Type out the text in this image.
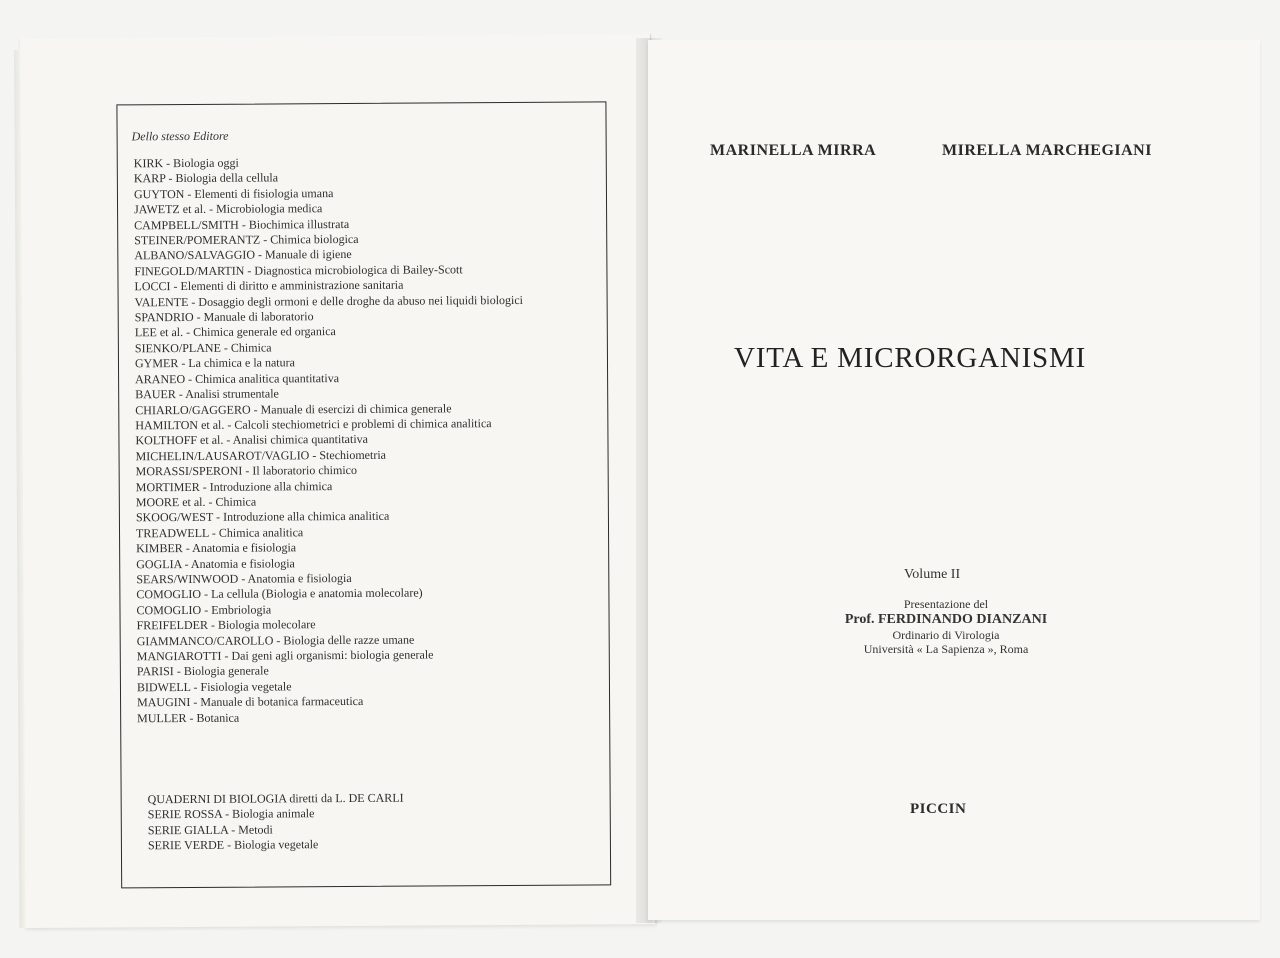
Dello stesso Editore
KIRK - Biologia oggi
KARP - Biologia della cellula
GUYTON - Elementi di fisiologia umana
JAWETZ et al. - Microbiologia medica
CAMPBELL/SMITH - Biochimica illustrata
STEINER/POMERANTZ - Chimica biologica
ALBANO/SALVAGGIO - Manuale di igiene
FINEGOLD/MARTIN - Diagnostica microbiologica di Bailey-Scott
LOCCI - Elementi di diritto e amministrazione sanitaria
VALENTE - Dosaggio degli ormoni e delle droghe da abuso nei liquidi biologici
SPANDRIO - Manuale di laboratorio
LEE et al. - Chimica generale ed organica
SIENKO/PLANE - Chimica
GYMER - La chimica e la natura
ARANEO - Chimica analitica quantitativa
BAUER - Analisi strumentale
CHIARLO/GAGGERO - Manuale di esercizi di chimica generale
HAMILTON et al. - Calcoli stechiometrici e problemi di chimica analitica
KOLTHOFF et al. - Analisi chimica quantitativa
MICHELIN/LAUSAROT/VAGLIO - Stechiometria
MORASSI/SPERONI - Il laboratorio chimico
MORTIMER - Introduzione alla chimica
MOORE et al. - Chimica
SKOOG/WEST - Introduzione alla chimica analitica
TREADWELL - Chimica analitica
KIMBER - Anatomia e fisiologia
GOGLIA - Anatomia e fisiologia
SEARS/WINWOOD - Anatomia e fisiologia
COMOGLIO - La cellula (Biologia e anatomia molecolare)
COMOGLIO - Embriologia
FREIFELDER - Biologia molecolare
GIAMMANCO/CAROLLO - Biologia delle razze umane
MANGIAROTTI - Dai geni agli organismi: biologia generale
PARISI - Biologia generale
BIDWELL - Fisiologia vegetale
MAUGINI - Manuale di botanica farmaceutica
MULLER - Botanica
QUADERNI DI BIOLOGIA diretti da L. DE CARLI
SERIE ROSSA - Biologia animale
SERIE GIALLA - Metodi
SERIE VERDE - Biologia vegetale
MARINELLA MIRRA	MIRELLA MARCHEGIANI
VITA E MICRORGANISMI
Volume II
Presentazione del
Prof. FERDINANDO DIANZANI
Ordinario di Virologia
Università « La Sapienza », Roma
PICCIN
